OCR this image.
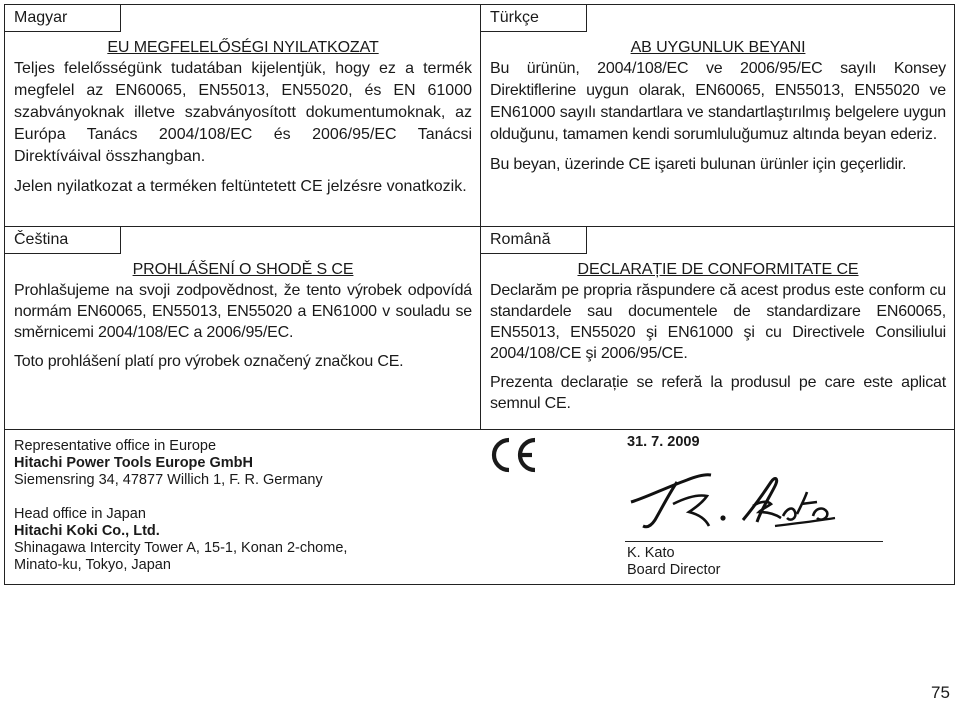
Magyar

EU MEGFELELŐSÉGI NYILATKOZAT

Teljes felelősségünk tudatában kijelentjük, hogy ez a termék megfelel az EN60065, EN55013, EN55020, és EN 61000 szabványoknak illetve szabványosított dokumentumoknak, az Európa Tanács 2004/108/EC és 2006/95/EC Tanácsi Direktíváival összhangban.

Jelen nyilatkozat a terméken feltüntetett CE jelzésre vonatkozik.

Türkçe

AB UYGUNLUK BEYANI

Bu ürünün, 2004/108/EC ve 2006/95/EC sayılı Konsey Direktiflerine uygun olarak, EN60065, EN55013, EN55020 ve EN61000 sayılı standartlara ve standartlaştırılmış belgelere uygun olduğunu, tamamen kendi sorumluluğumuz altında beyan ederiz.

Bu beyan, üzerinde CE işareti bulunan ürünler için geçerlidir.

Čeština

PROHLÁŠENÍ O SHODĚ S CE

Prohlašujeme na svoji zodpovědnost, že tento výrobek odpovídá normám EN60065, EN55013, EN55020 a EN61000 v souladu se směrnicemi 2004/108/EC a 2006/95/EC.

Toto prohlášení platí pro výrobek označený značkou CE.

Română

DECLARAȚIE DE CONFORMITATE CE

Declarăm pe propria răspundere că acest produs este conform cu standardele sau documentele de standardizare EN60065, EN55013, EN55020 şi EN61000 şi cu Directivele Consiliului 2004/108/CE şi 2006/95/CE.

Prezenta declarație se referă la produsul pe care este aplicat semnul CE.

Representative office in Europe
Hitachi Power Tools Europe GmbH
Siemensring 34, 47877 Willich 1, F. R. Germany
Head office in Japan
Hitachi Koki Co., Ltd.
Shinagawa Intercity Tower A, 15-1, Konan 2-chome,
Minato-ku, Tokyo, Japan
31. 7. 2009
K. Kato
Board Director
75
